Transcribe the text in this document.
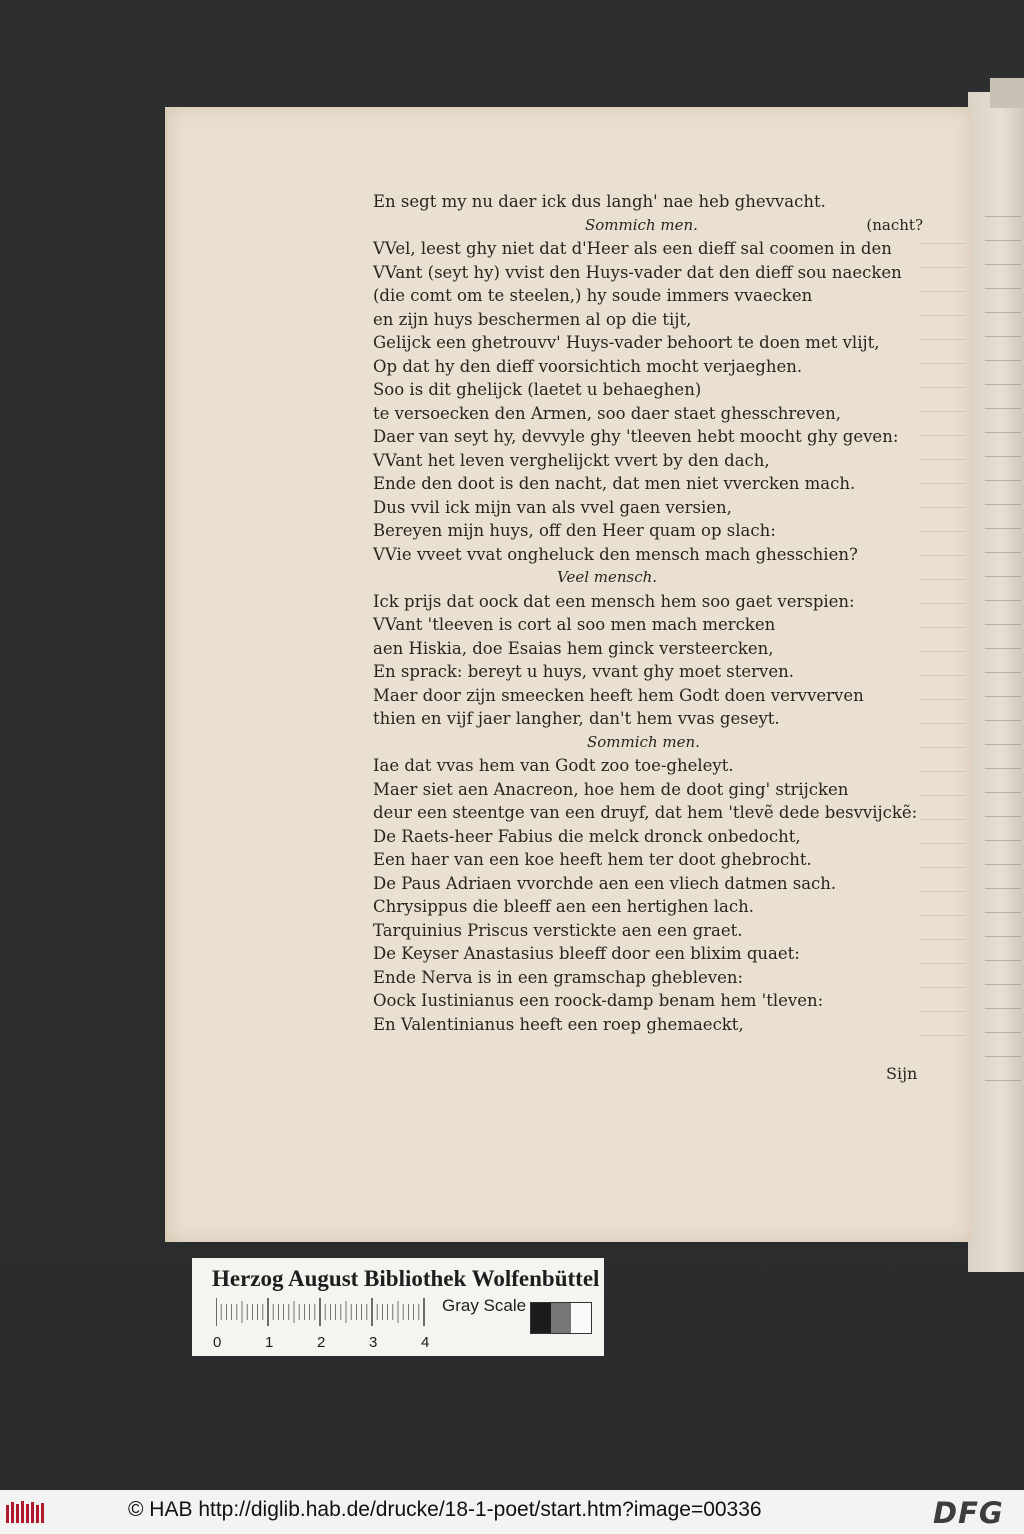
En segt my nu daer ick dus langh' nae heb ghevvacht.
Sommich men.	(nacht?
VVel, leest ghy niet dat d'Heer als een dieff sal coomen in den
VVant (seyt hy) vvist den Huys-vader dat den dieff sou naecken
(die comt om te steelen,) hy soude immers vvaecken
en zijn huys beschermen al op die tijt,
Gelijck een ghetrouvv' Huys-vader behoort te doen met vlijt,
Op dat hy den dieff voorsichtich mocht verjaeghen.
Soo is dit ghelijck (laetet u behaeghen)
te versoecken den Armen, soo daer staet ghesschreven,
Daer van seyt hy, devvyle ghy 'tleeven hebt moocht ghy geven:
VVant het leven verghelijckt vvert by den dach,
Ende den doot is den nacht, dat men niet vvercken mach.
Dus vvil ick mijn van als vvel gaen versien,
Bereyen mijn huys, off den Heer quam op slach:
VVie vveet vvat ongheluck den mensch mach ghesschien?
Veel mensch.
Ick prijs dat oock dat een mensch hem soo gaet verspien:
VVant 'tleeven is cort al soo men mach mercken
aen Hiskia, doe Esaias hem ginck versteercken,
En sprack: bereyt u huys, vvant ghy moet sterven.
Maer door zijn smeecken heeft hem Godt doen vervverven
thien en vijf jaer langher, dan't hem vvas geseyt.
Sommich men.
Iae dat vvas hem van Godt zoo toe-gheleyt.
Maer siet aen Anacreon, hoe hem de doot ging' strijcken
deur een steentge van een druyf, dat hem 'tlevẽ dede besvvijckẽ:
De Raets-heer Fabius die melck dronck onbedocht,
Een haer van een koe heeft hem ter doot ghebrocht.
De Paus Adriaen vvorchde aen een vliech datmen sach.
Chrysippus die bleeff aen een hertighen lach.
Tarquinius Priscus versticktе aen een graet.
De Keyser Anastasius bleeff door een blixim quaet:
Ende Nerva is in een gramschap ghebleven:
Oock Iustinianus een roock-damp benam hem 'tleven:
En Valentinianus heeft een roep ghemaeckt,
Sijn
Herzog August Bibliothek Wolfenbüttel
0	1	2	3	4
Gray Scale
© HAB http://diglib.hab.de/drucke/18-1-poet/start.htm?image=00336	DFG
